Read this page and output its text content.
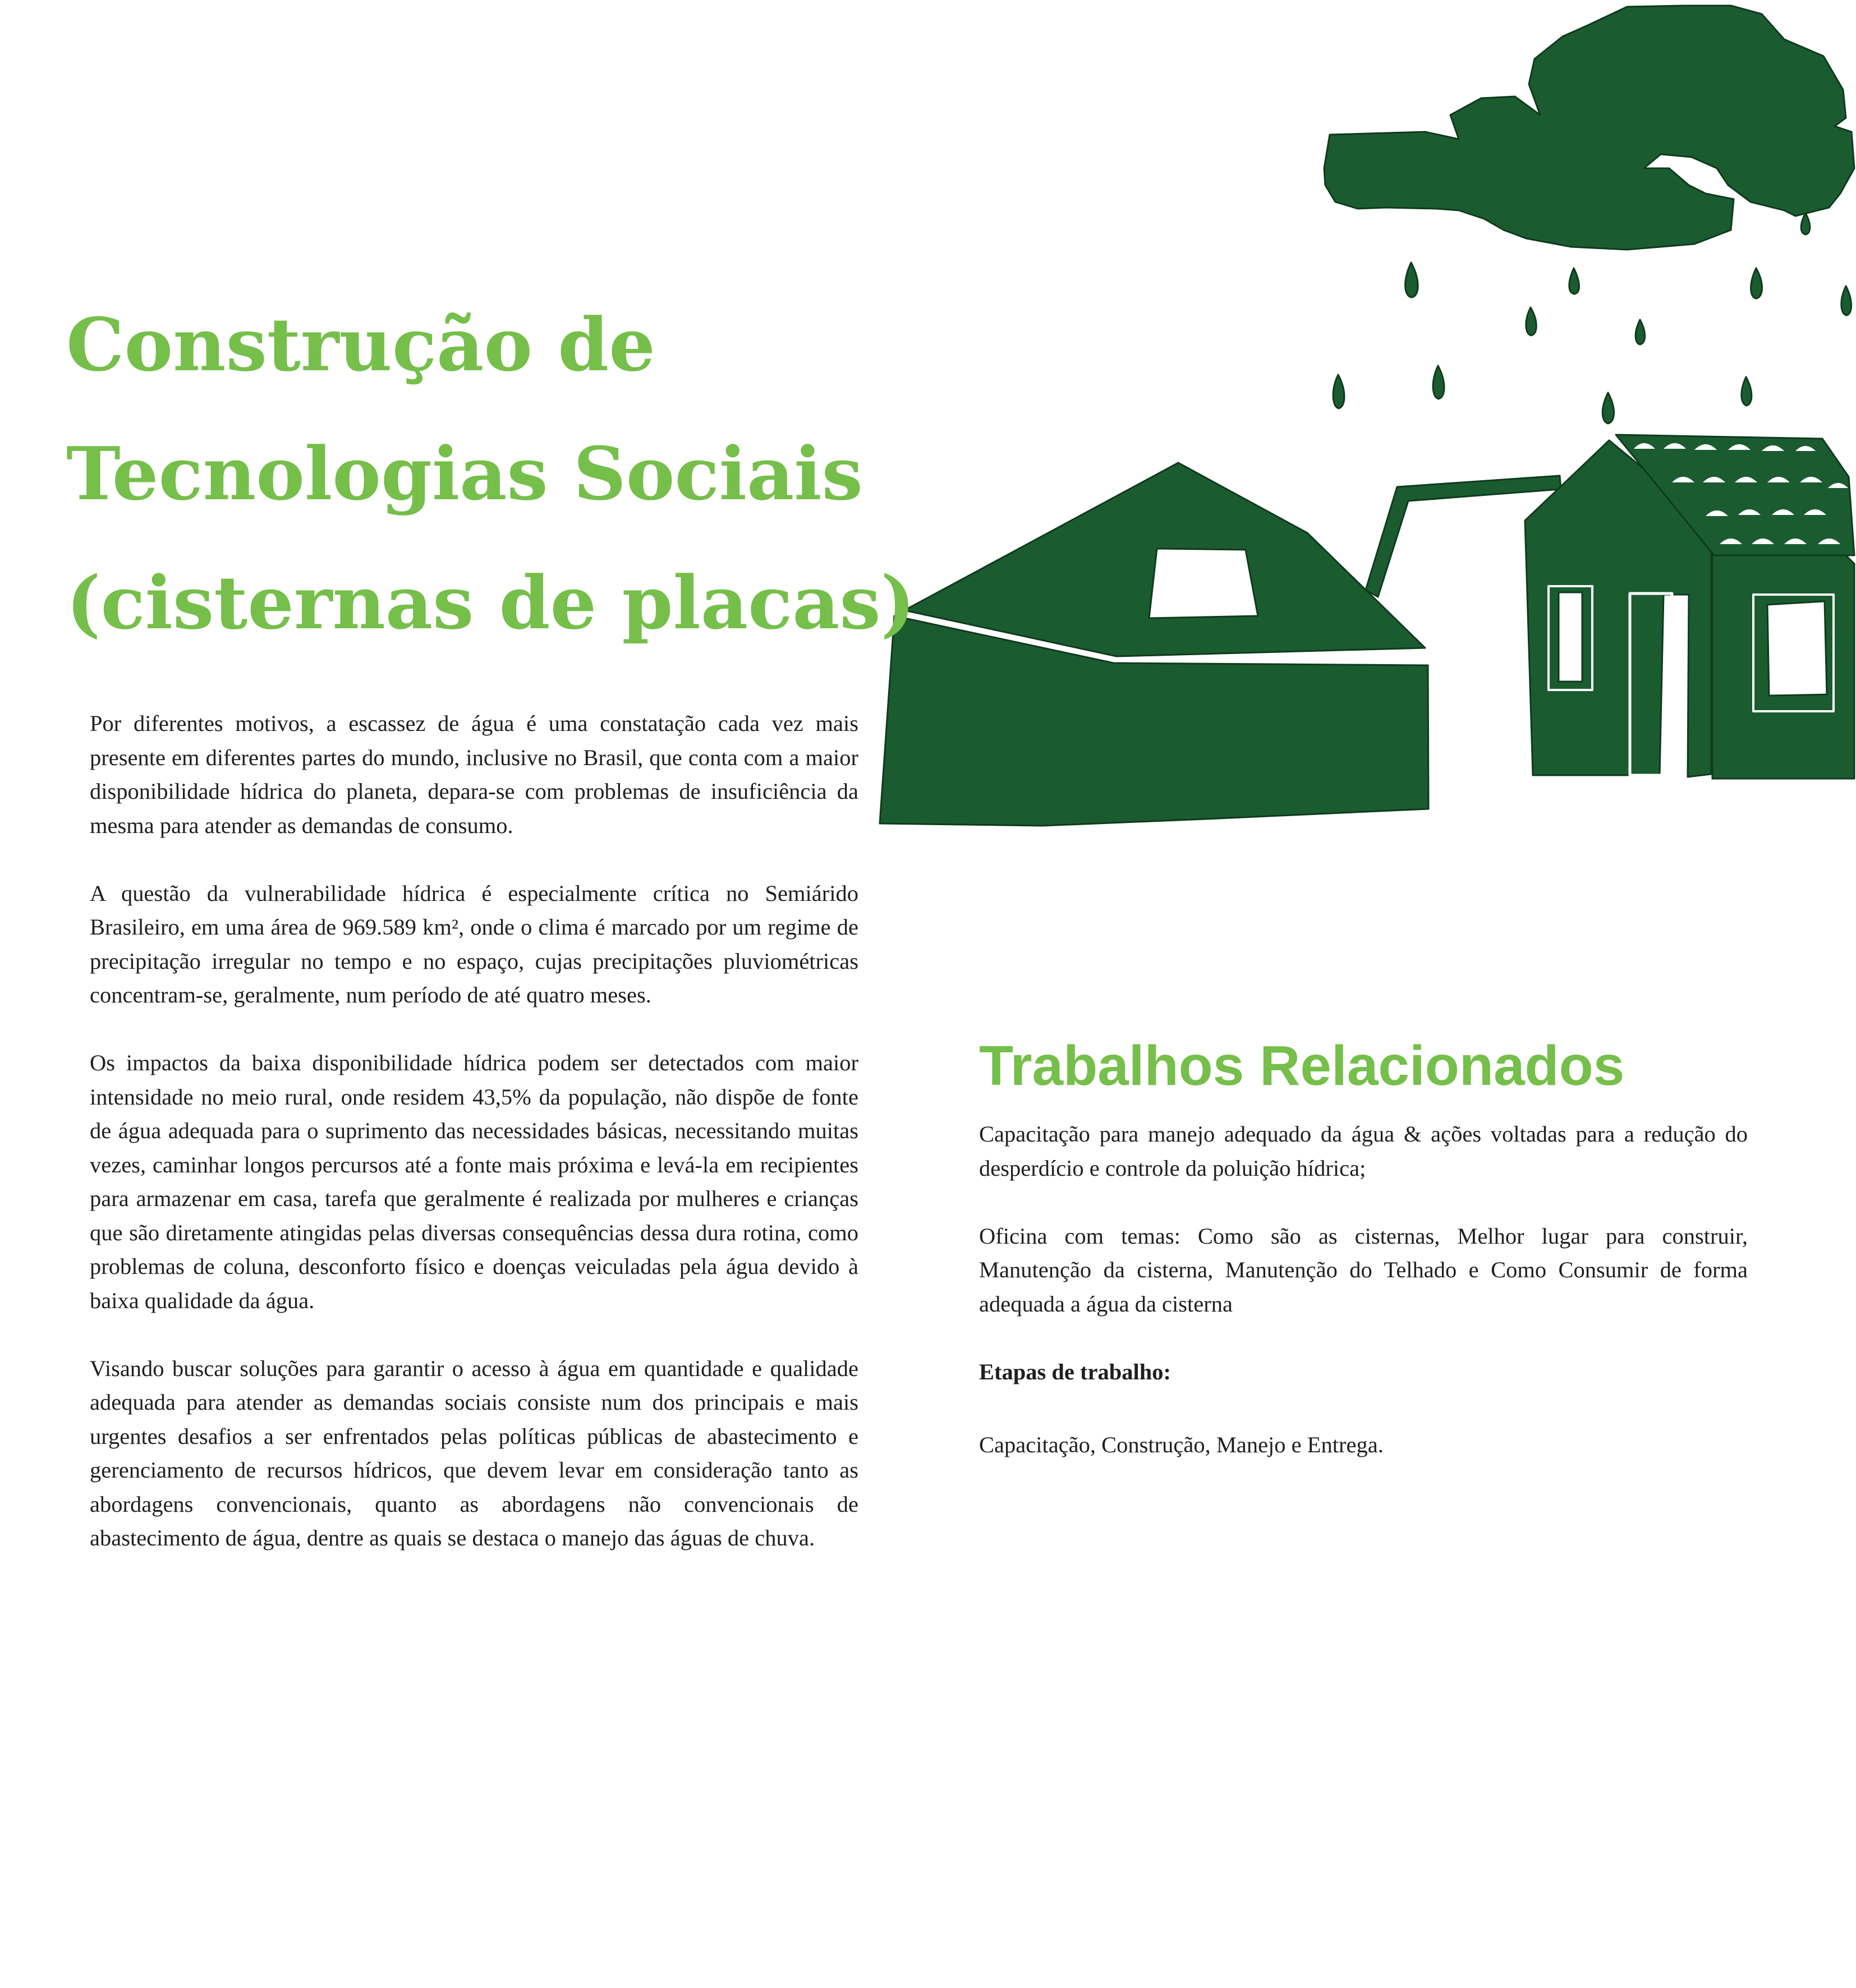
Construção de
Tecnologias Sociais
(cisternas de placas)

Por diferentes motivos, a escassez de água é uma constatação cada vez mais presente em diferentes partes do mundo, inclusive no Brasil, que conta com a maior disponibilidade hídrica do planeta, depara-se com problemas de insuficiência da mesma para atender as demandas de consumo.

A questão da vulnerabilidade hídrica é especialmente crítica no Semiárido Brasileiro, em uma área de 969.589 km², onde o clima é marcado por um regime de precipitação irregular no tempo e no espaço, cujas precipitações pluviométricas concentram-se, geralmente, num período de até quatro meses.

Os impactos da baixa disponibilidade hídrica podem ser detectados com maior intensidade no meio rural, onde residem 43,5% da população, não dispõe de fonte de água adequada para o suprimento das necessidades básicas, necessitando muitas vezes, caminhar longos percursos até a fonte mais próxima e levá-la em recipientes para armazenar em casa, tarefa que geralmente é realizada por mulheres e crianças que são diretamente atingidas pelas diversas consequências dessa dura rotina, como problemas de coluna, desconforto físico e doenças veiculadas pela água devido à baixa qualidade da água.

Visando buscar soluções para garantir o acesso à água em quantidade e qualidade adequada para atender as demandas sociais consiste num dos principais e mais urgentes desafios a ser enfrentados pelas políticas públicas de abastecimento e gerenciamento de recursos hídricos, que devem levar em consideração tanto as abordagens convencionais, quanto as abordagens não convencionais de abastecimento de água, dentre as quais se destaca o manejo das águas de chuva.

Trabalhos Relacionados

Capacitação para manejo adequado da água & ações voltadas para a redução do desperdício e controle da poluição hídrica;

Oficina com temas: Como são as cisternas, Melhor lugar para construir, Manutenção da cisterna, Manutenção do Telhado e Como Consumir de forma adequada a água da cisterna

Etapas de trabalho:

Capacitação, Construção, Manejo e Entrega.
